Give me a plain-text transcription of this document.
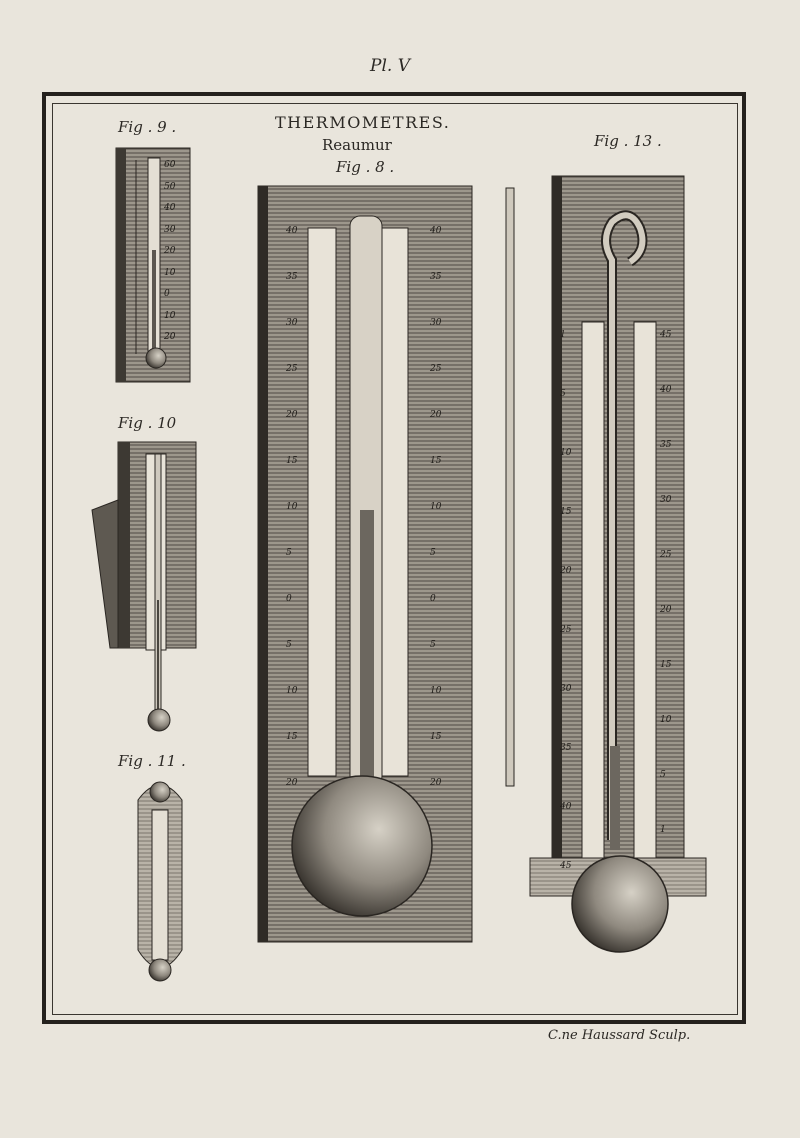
Pl. V
THERMOMETRES.
Reaumur
Fig . 9 .
Fig . 8 .
Fig . 10
Fig . 11 .
Fig . 13 .
60
50
40
30
20
10
0
10
20
40
35
30
25
20
15
10
5
0
5
10
15
20
40
35
30
25
20
15
10
5
0
5
10
15
20
1
5
10
15
20
25
30
35
40
45
45
40
35
30
25
20
15
10
5
1
C.ne Haussard Sculp.
